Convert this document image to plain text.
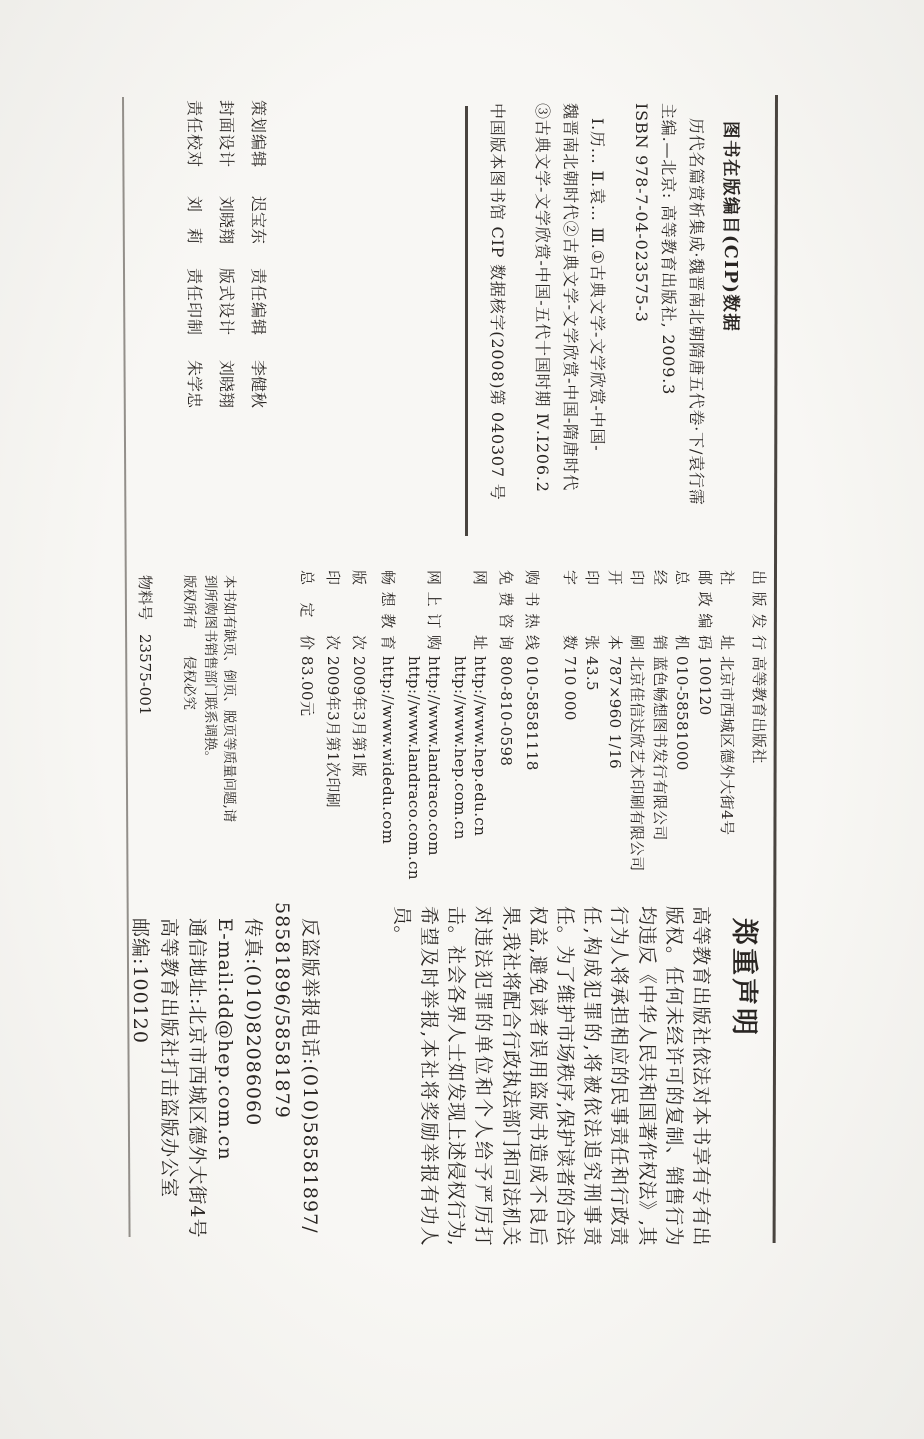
图书在版编目(CIP)数据
历代名篇赏析集成·魏晋南北朝隋唐五代卷·下/袁行霈
主编.—北京: 高等教育出版社, 2009.3
ISBN 978-7-04-023575-3
Ⅰ.历… Ⅱ.袁… Ⅲ.①古典文学-文学欣赏-中国-
魏晋南北朝时代②古典文学-文学欣赏-中国-隋唐时代
③古典文学-文学欣赏-中国-五代十国时期 Ⅳ.I206.2
中国版本图书馆 CIP 数据核字(2008)第 040307 号
策划编辑
迟宝东
责任编辑
李健秋
封面设计
刘晓翔
版式设计
刘晓翔
责任校对
刘　莉
责任印制
朱学忠
出版发行
高等教育出版社
社址
北京市西城区德外大街4号
邮政编码
100120
总机
010-58581000
经销
蓝色畅想图书发行有限公司
印刷
北京佳信达欣艺术印刷有限公司
开本
787×960 1/16
印张
43.5
字数
710 000
购书热线
010-58581118
免费咨询
800-810-0598
网址
http://www.hep.edu.cn
http://www.hep.com.cn
网上订购
http://www.landraco.com
http://www.landraco.com.cn
畅想教育
http://www.widedu.com
版次
2009年3月第1版
印次
2009年3月第1次印刷
总定价
83.00元
本书如有缺页、倒页、脱页等质量问题,请
到所购图书销售部门联系调换。
版权所有　　侵权必究
物料号23575-001
郑重声明
高等教育出版社依法对本书享有专有出版权。任何未经许可的复制、销售行为均违反《中华人民共和国著作权法》,其行为人将承担相应的民事责任和行政责任,构成犯罪的,将被依法追究刑事责任。为了维护市场秩序,保护读者的合法权益,避免读者误用盗版书造成不良后果,我社将配合行政执法部门和司法机关对违法犯罪的单位和个人给予严厉打击。社会各界人士如发现上述侵权行为,希望及时举报,本社将奖励举报有功人员。
反盗版举报电话:(010)58581897/
58581896/58581879
传真:(010)82086060
E-mail:dd@hep.com.cn
通信地址:北京市西城区德外大街4号
高等教育出版社打击盗版办公室
邮编:100120
